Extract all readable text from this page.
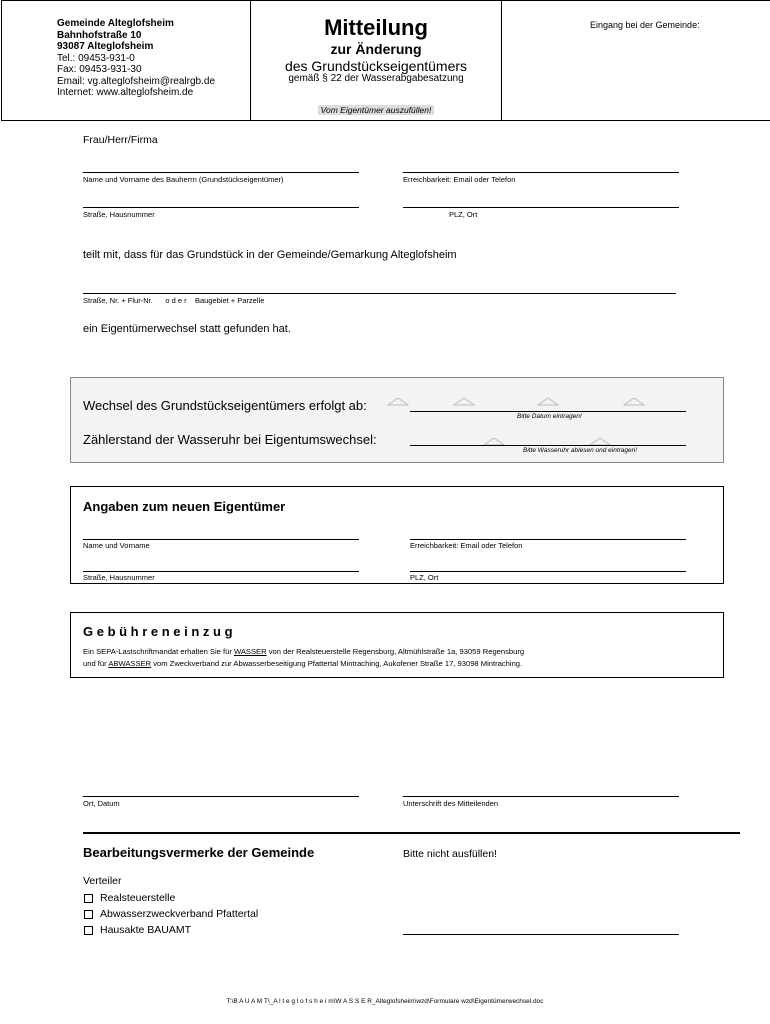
Gemeinde Alteglofsheim
Bahnhofstraße 10
93087 Alteglofsheim
Tel.: 09453-931-0
Fax: 09453-931-30
Email: vg.alteglofsheim@realrgb.de
Internet: www.alteglofsheim.de
Mitteilung
zur Änderung
des Grundstückseigentümers
gemäß § 22 der Wasserabgabesatzung
Vom Eigentümer auszufüllen!
Eingang bei der Gemeinde:
Frau/Herr/Firma
Name und Vorname des Bauherrn (Grundstückseigentümer)	Erreichbarkeit: Email oder Telefon
Straße, Hausnummer	PLZ, Ort
teilt mit, dass für das Grundstück in der Gemeinde/Gemarkung Alteglofsheim
Straße, Nr. + Flur-Nr. o d e r Baugebiet + Parzelle
ein Eigentümerwechsel statt gefunden hat.
Wechsel des Grundstückseigentümers erfolgt ab:
Bitte Datum eintragen!
Zählerstand der Wasseruhr bei Eigentumswechsel:
Bitte Wasseruhr ablesen und eintragen!
Angaben zum neuen Eigentümer
Name und Vorname	Erreichbarkeit: Email oder Telefon
Straße, Hausnummer	PLZ, Ort
G e b ü h r e n e i n z u g
Ein SEPA-Lastschriftmandat erhalten Sie für WASSER von der Realsteuerstelle Regensburg, Altmühlstraße 1a, 93059 Regensburg
und für ABWASSER vom Zweckverband zur Abwasserbeseitigung Pfattertal Mintraching, Aukofener Straße 17, 93098 Mintraching.
Ort, Datum	Unterschrift des Mitteilenden
Bearbeitungsvermerke der Gemeinde	Bitte nicht ausfüllen!
Verteiler
Realsteuerstelle
Abwasserzweckverband Pfattertal
Hausakte BAUAMT
T:\B A U A M T\_A l t e g l o f s h e i m\W A S S E R_Alteglofsheim\wzd\Formulare wzd\Eigentümerwechsel.doc
